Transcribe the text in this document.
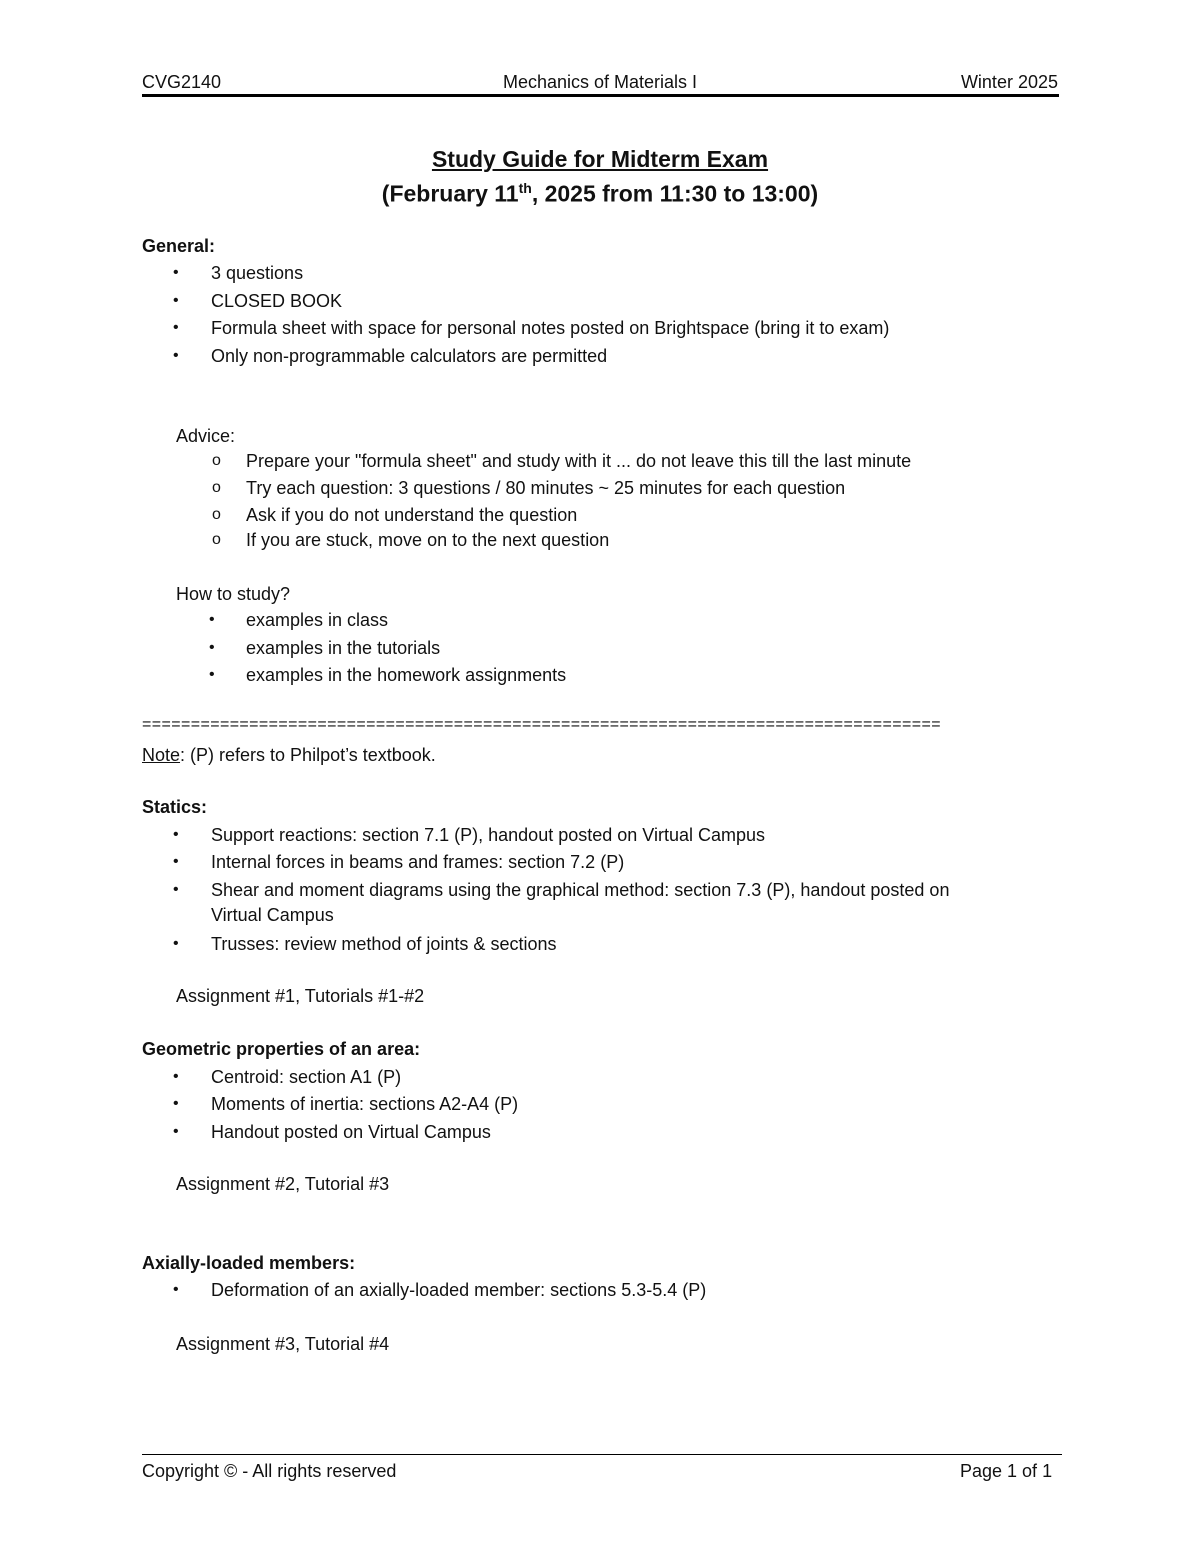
CVG2140	Mechanics of Materials I	Winter 2025
Study Guide for Midterm Exam
(February 11th, 2025 from 11:30 to 13:00)
General:
• 3 questions
• CLOSED BOOK
• Formula sheet with space for personal notes posted on Brightspace (bring it to exam)
• Only non-programmable calculators are permitted
Advice:
o Prepare your "formula sheet" and study with it ... do not leave this till the last minute
o Try each question: 3 questions / 80 minutes ~ 25 minutes for each question
o Ask if you do not understand the question
o If you are stuck, move on to the next question
How to study?
• examples in class
• examples in the tutorials
• examples in the homework assignments
==================================================================================
Note: (P) refers to Philpot’s textbook.
Statics:
• Support reactions: section 7.1 (P), handout posted on Virtual Campus
• Internal forces in beams and frames: section 7.2 (P)
• Shear and moment diagrams using the graphical method: section 7.3 (P), handout posted on
Virtual Campus
• Trusses: review method of joints & sections
Assignment #1, Tutorials #1-#2
Geometric properties of an area:
• Centroid: section A1 (P)
• Moments of inertia: sections A2-A4 (P)
• Handout posted on Virtual Campus
Assignment #2, Tutorial #3
Axially-loaded members:
• Deformation of an axially-loaded member: sections 5.3-5.4 (P)
Assignment #3, Tutorial #4
Copyright © - All rights reserved	Page 1 of 1
